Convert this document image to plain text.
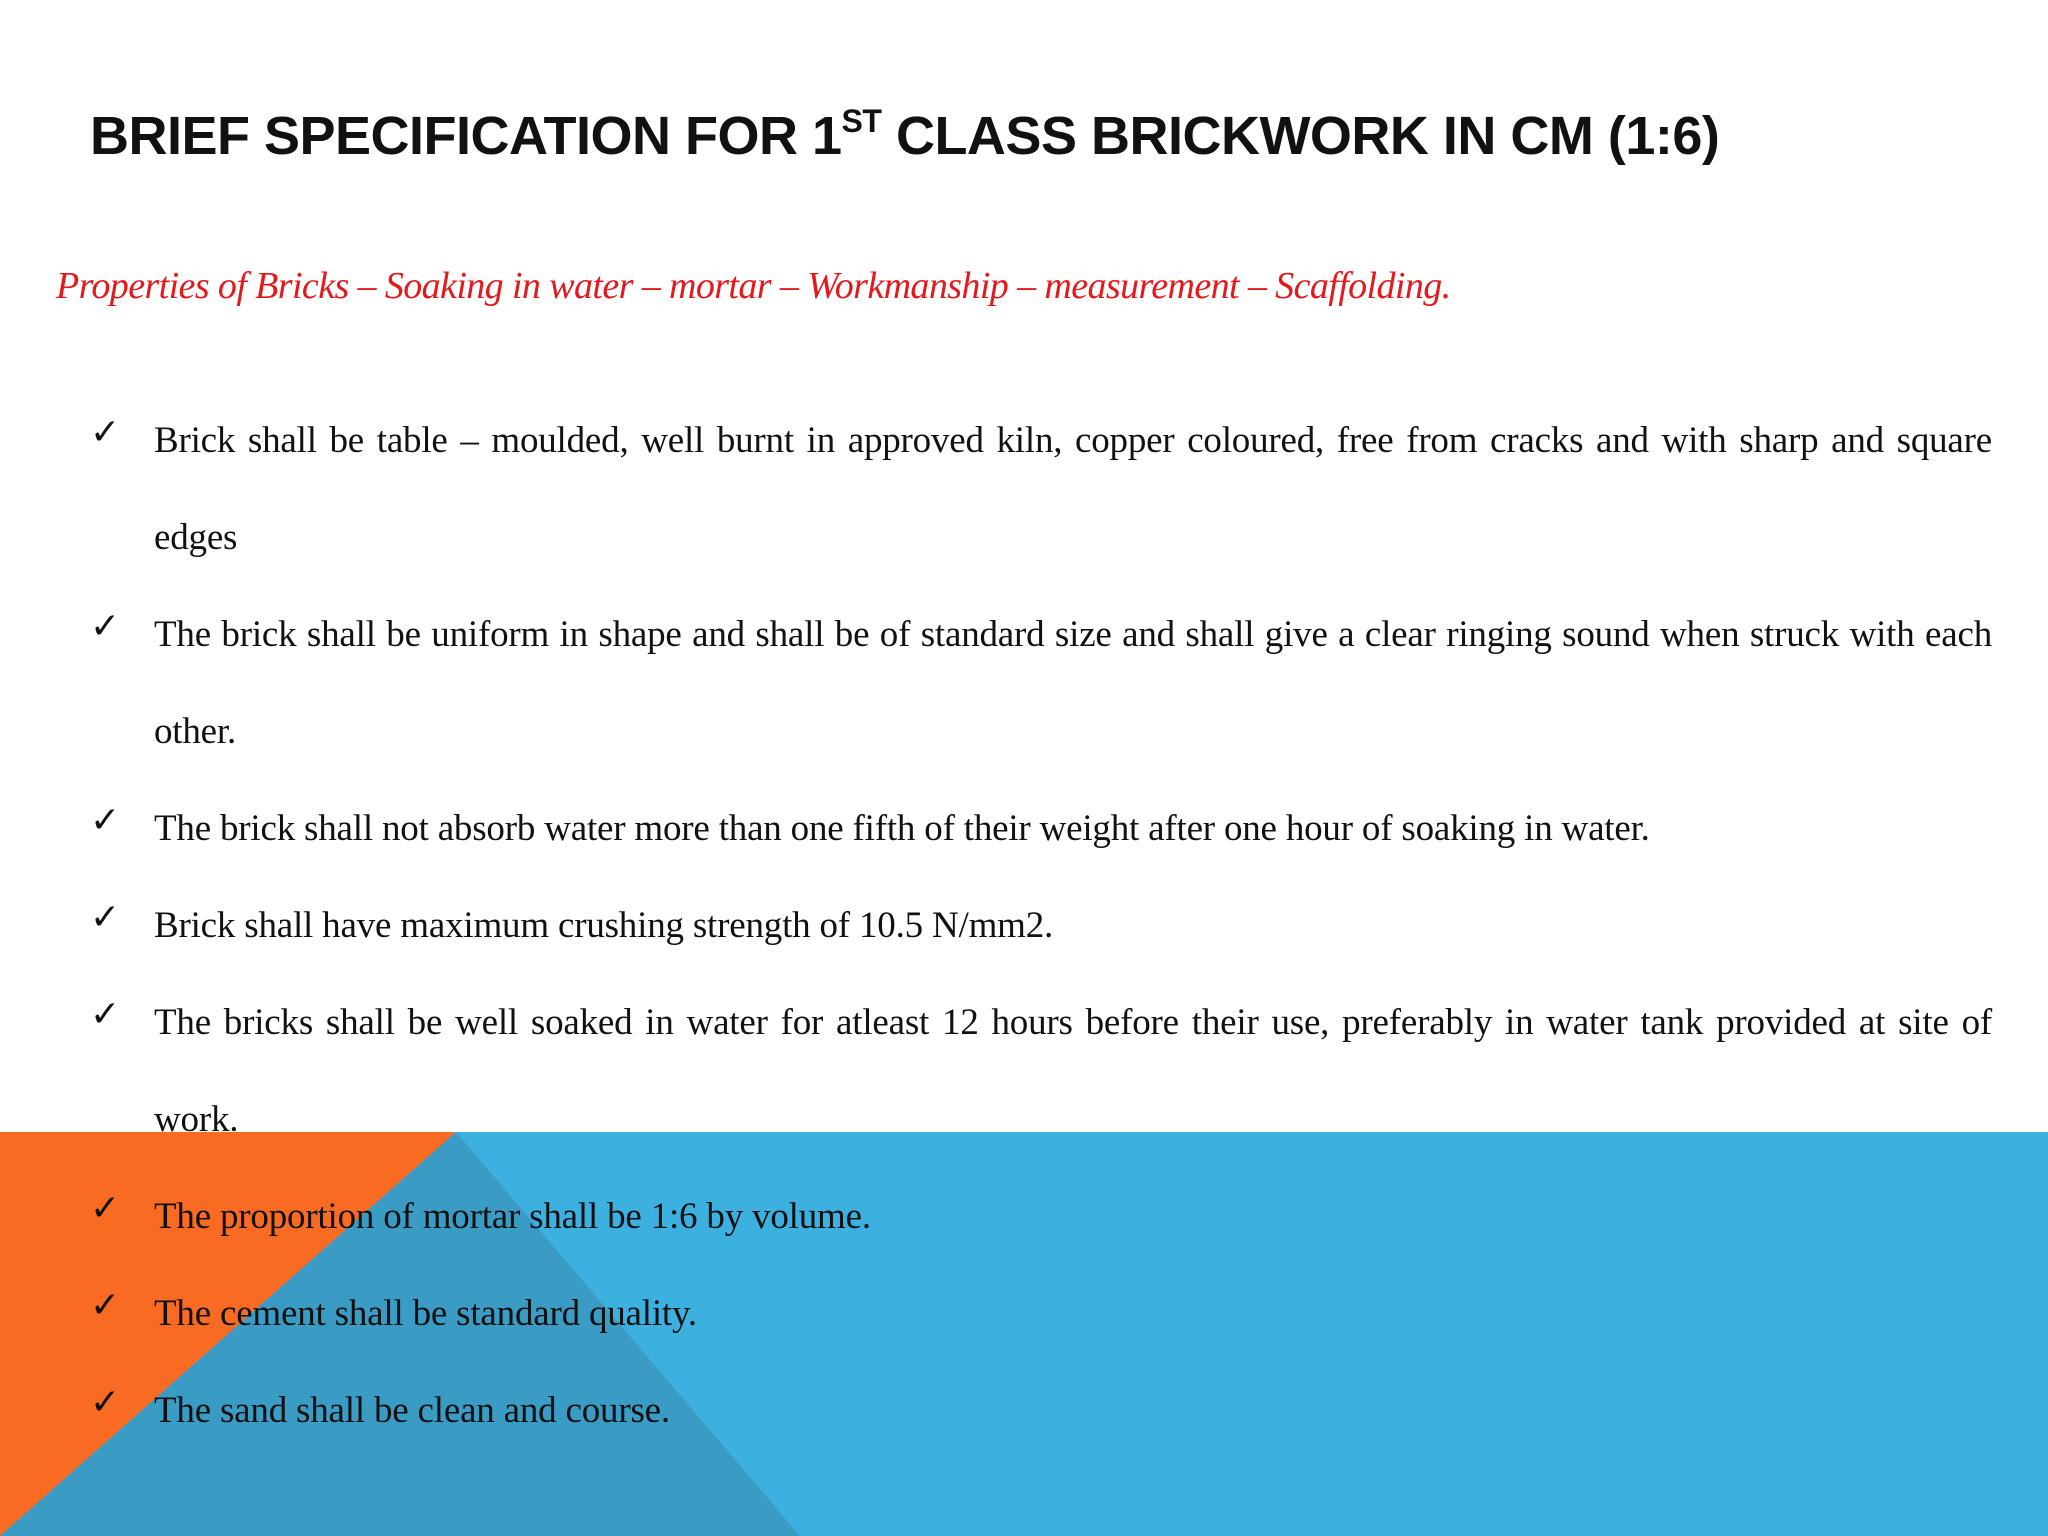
BRIEF SPECIFICATION FOR 1ST CLASS BRICKWORK IN CM (1:6)

Properties of Bricks – Soaking in water – mortar – Workmanship – measurement – Scaffolding.

✓ Brick shall be table – moulded, well burnt in approved kiln, copper coloured, free from cracks and with sharp and square edges
✓ The brick shall be uniform in shape and shall be of standard size and shall give a clear ringing sound when struck with each other.
✓ The brick shall not absorb water more than one fifth of their weight after one hour of soaking in water.
✓ Brick shall have maximum crushing strength of 10.5 N/mm2.
✓ The bricks shall be well soaked in water for atleast 12 hours before their use, preferably in water tank provided at site of work.
✓ The proportion of mortar shall be 1:6 by volume.
✓ The cement shall be standard quality.
✓ The sand shall be clean and course.
